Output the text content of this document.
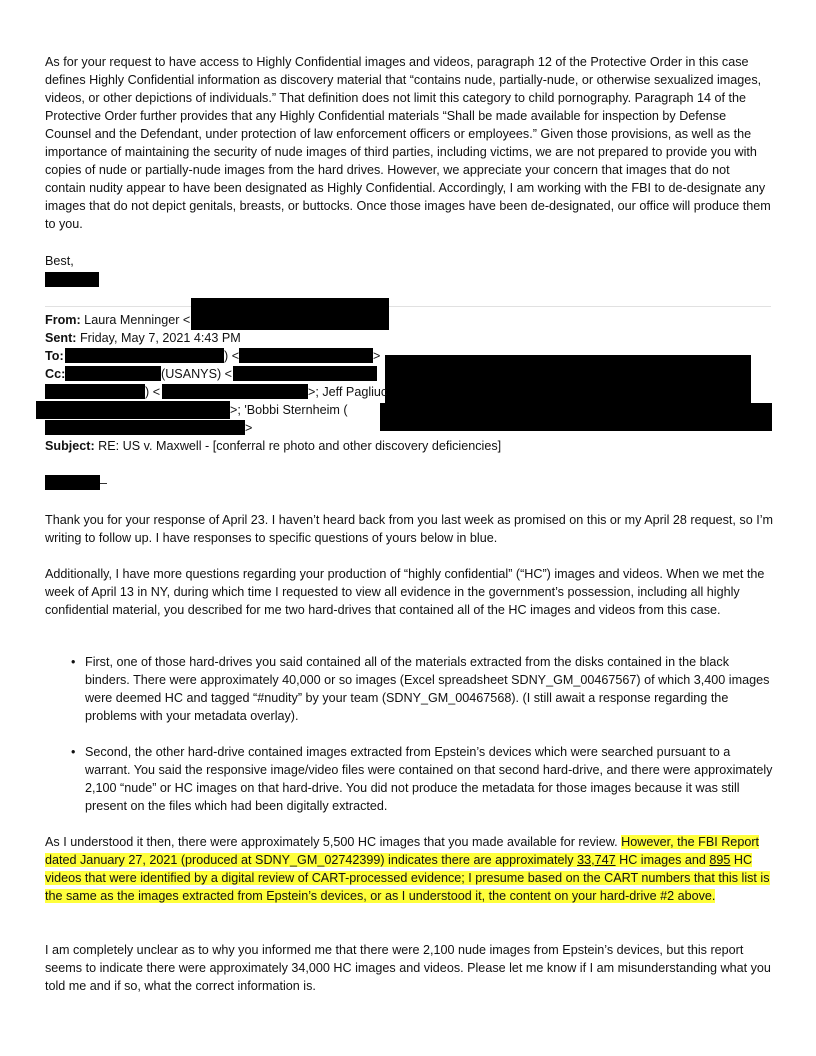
As for your request to have access to Highly Confidential images and videos, paragraph 12 of the Protective Order in this case defines Highly Confidential information as discovery material that “contains nude, partially-nude, or otherwise sexualized images, videos, or other depictions of individuals.” That definition does not limit this category to child pornography. Paragraph 14 of the Protective Order further provides that any Highly Confidential materials “Shall be made available for inspection by Defense Counsel and the Defendant, under protection of law enforcement officers or employees.” Given those provisions, as well as the importance of maintaining the security of nude images of third parties, including victims, we are not prepared to provide you with copies of nude or partially-nude images from the hard drives. However, we appreciate your concern that images that do not contain nudity appear to have been designated as Highly Confidential. Accordingly, I am working with the FBI to de-designate any images that do not depict genitals, breasts, or buttocks. Once those images have been de-designated, our office will produce them to you.

Best,

From: Laura Menninger <
Sent: Friday, May 7, 2021 4:43 PM
To:	) <	>
Cc:	(USANYS) <
) <	>; Jeff Pagliuc
>; 'Bobbi Sternheim (
>
Subject: RE: US v. Maxwell - [conferral re photo and other discovery deficiencies]
–

Thank you for your response of April 23. I haven’t heard back from you last week as promised on this or my April 28 request, so I’m writing to follow up. I have responses to specific questions of yours below in blue.

Additionally, I have more questions regarding your production of “highly confidential” (“HC”) images and videos. When we met the week of April 13 in NY, during which time I requested to view all evidence in the government’s possession, including all highly confidential material, you described for me two hard-drives that contained all of the HC images and videos from this case.

• First, one of those hard-drives you said contained all of the materials extracted from the disks contained in the black binders. There were approximately 40,000 or so images (Excel spreadsheet SDNY_GM_00467567) of which 3,400 images were deemed HC and tagged “#nudity” by your team (SDNY_GM_00467568). (I still await a response regarding the problems with your metadata overlay).
• Second, the other hard-drive contained images extracted from Epstein’s devices which were searched pursuant to a warrant. You said the responsive image/video files were contained on that second hard-drive, and there were approximately 2,100 “nude” or HC images on that hard-drive. You did not produce the metadata for those images because it was still present on the files which had been digitally extracted.

As I understood it then, there were approximately 5,500 HC images that you made available for review. However, the FBI Report dated January 27, 2021 (produced at SDNY_GM_02742399) indicates there are approximately 33,747 HC images and 895 HC videos that were identified by a digital review of CART-processed evidence; I presume based on the CART numbers that this list is the same as the images extracted from Epstein’s devices, or as I understood it, the content on your hard-drive #2 above.

I am completely unclear as to why you informed me that there were 2,100 nude images from Epstein’s devices, but this report seems to indicate there were approximately 34,000 HC images and videos. Please let me know if I am misunderstanding what you told me and if so, what the correct information is.
